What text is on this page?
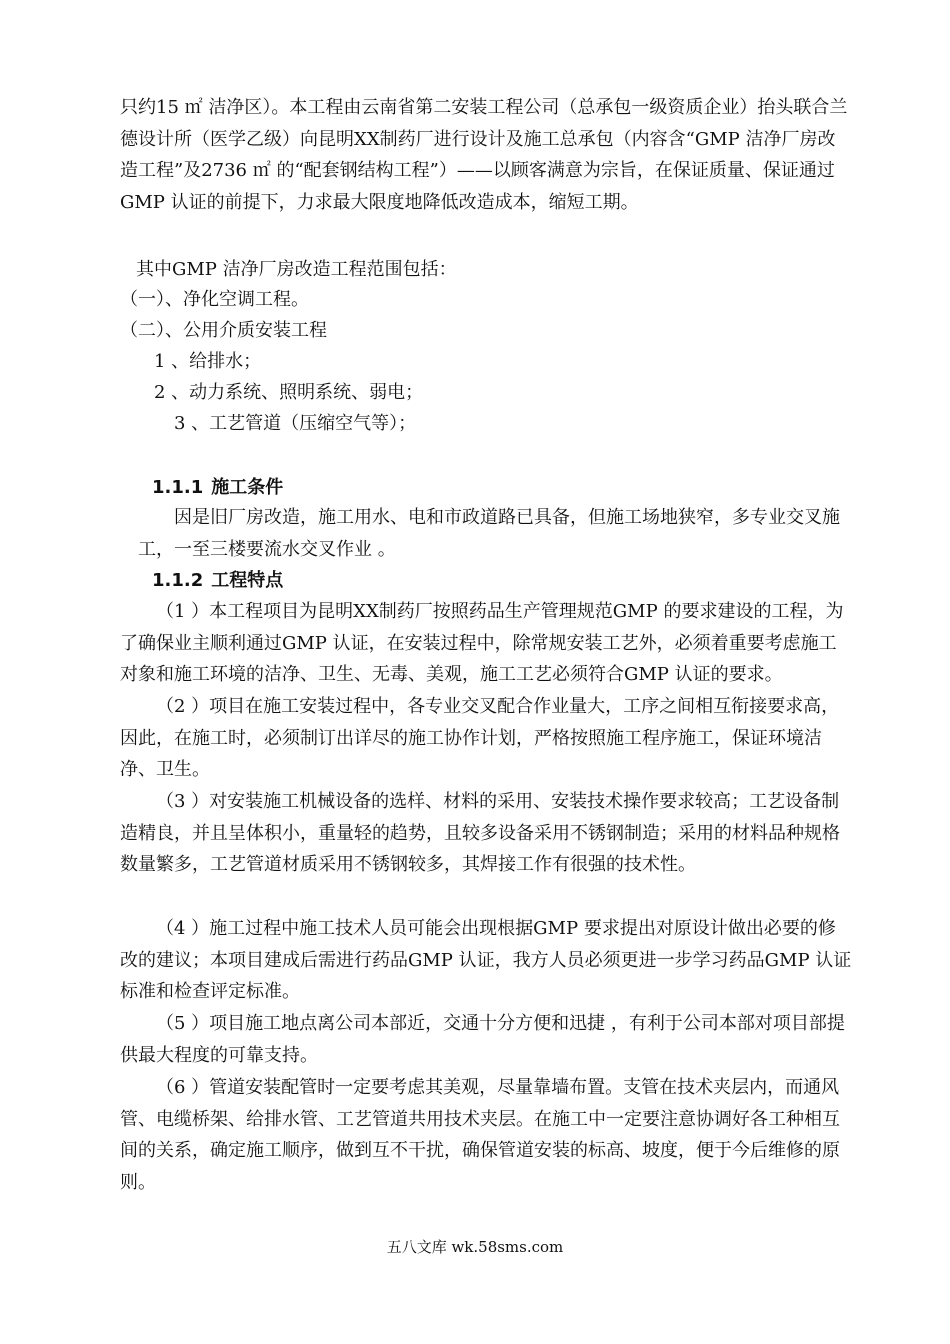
只约15 ㎡ 洁净区）。本工程由云南省第二安装工程公司（总承包一级资质企业）抬头联合兰德设计所（医学乙级）向昆明XX制药厂进行设计及施工总承包（内容含“GMP 洁净厂房改造工程”及2736 ㎡ 的“配套钢结构工程”）——以顾客满意为宗旨，在保证质量、保证通过GMP 认证的前提下，力求最大限度地降低改造成本，缩短工期。

其中GMP 洁净厂房改造工程范围包括：

（一）、净化空调工程。

（二）、公用介质安装工程

1 、给排水；

2 、动力系统、照明系统、弱电；

3 、工艺管道（压缩空气等）；

1.1.1 施工条件

因是旧厂房改造，施工用水、电和市政道路已具备，但施工场地狭窄，多专业交叉施工，一至三楼要流水交叉作业 。

1.1.2 工程特点

（1 ）本工程项目为昆明XX制药厂按照药品生产管理规范GMP 的要求建设的工程，为了确保业主顺利通过GMP 认证，在安装过程中，除常规安装工艺外，必须着重要考虑施工对象和施工环境的洁净、卫生、无毒、美观，施工工艺必须符合GMP 认证的要求。

（2 ）项目在施工安装过程中，各专业交叉配合作业量大，工序之间相互衔接要求高，因此，在施工时，必须制订出详尽的施工协作计划，严格按照施工程序施工，保证环境洁净、卫生。

（3 ）对安装施工机械设备的选样、材料的采用、安装技术操作要求较高；工艺设备制造精良，并且呈体积小，重量轻的趋势，且较多设备采用不锈钢制造；采用的材料品种规格数量繁多，工艺管道材质采用不锈钢较多，其焊接工作有很强的技术性。

（4 ）施工过程中施工技术人员可能会出现根据GMP 要求提出对原设计做出必要的修改的建议；本项目建成后需进行药品GMP 认证，我方人员必须更进一步学习药品GMP 认证标准和检查评定标准。

（5 ）项目施工地点离公司本部近，交通十分方便和迅捷 ，有利于公司本部对项目部提供最大程度的可靠支持。

（6 ）管道安装配管时一定要考虑其美观，尽量靠墙布置。支管在技术夹层内，而通风管、电缆桥架、给排水管、工艺管道共用技术夹层。在施工中一定要注意协调好各工种相互间的关系，确定施工顺序，做到互不干扰，确保管道安装的标高、坡度，便于今后维修的原则。

五八文库 wk.58sms.com
